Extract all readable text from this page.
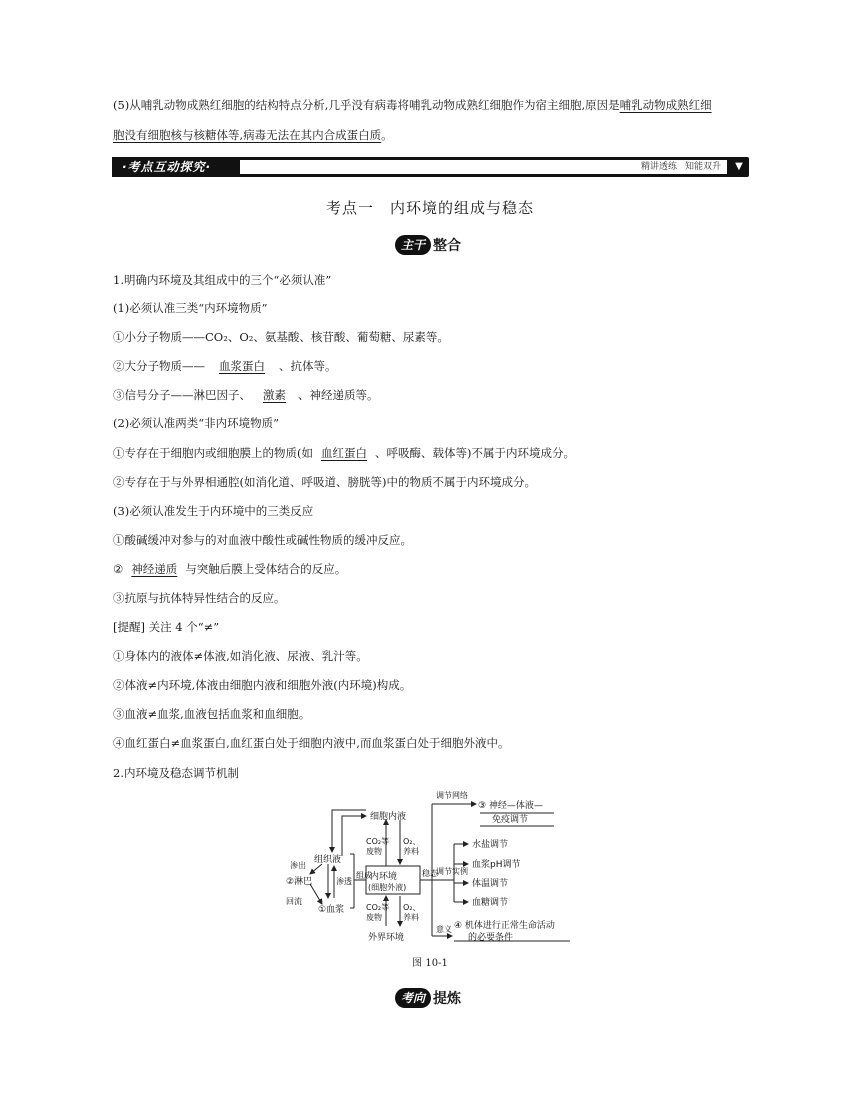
(5)从哺乳动物成熟红细胞的结构特点分析,几乎没有病毒将哺乳动物成熟红细胞作为宿主细胞,原因是哺乳动物成熟红细
胞没有细胞核与核糖体等,病毒无法在其内合成蛋白质。
·考点互动探究·	精讲透练 知能双升	▼
考点一　内环境的组成与稳态
主干 整合
1.明确内环境及其组成中的三个“必须认准”
(1)必须认准三类“内环境物质”
①小分子物质——CO₂、O₂、氨基酸、核苷酸、葡萄糖、尿素等。
②大分子物质—— 血浆蛋白 、抗体等。
③信号分子——淋巴因子、 激素 、神经递质等。
(2)必须认准两类“非内环境物质”
①专存在于细胞内或细胞膜上的物质(如 血红蛋白 、呼吸酶、载体等)不属于内环境成分。
②专存在于与外界相通腔(如消化道、呼吸道、膀胱等)中的物质不属于内环境成分。
(3)必须认准发生于内环境中的三类反应
①酸碱缓冲对参与的对血液中酸性或碱性物质的缓冲反应。
② 神经递质 与突触后膜上受体结合的反应。
③抗原与抗体特异性结合的反应。
[提醒] 关注 4 个“≠”
①身体内的液体≠体液,如消化液、尿液、乳汁等。
②体液≠内环境,体液由细胞内液和细胞外液(内环境)构成。
③血液≠血浆,血液包括血浆和血细胞。
④血红蛋白≠血浆蛋白,血红蛋白处于细胞内液中,而血浆蛋白处于细胞外液中。
2.内环境及稳态调节机制
细胞内液
CO₂等
废物
O₂、
养料
内环境
(细胞外液)
CO₂等
废物
O₂、
养料
外界环境
组成	稳态
组织液
渗透
②淋巴
①血浆
回流
渗出
调节网络
③ 神经—体液—
免疫调节
调节实例
水盐调节
血浆pH调节
体温调节
血糖调节
意义 ④ 机体进行正常生命活动
的必要条件
图 10-1
考向 提炼
